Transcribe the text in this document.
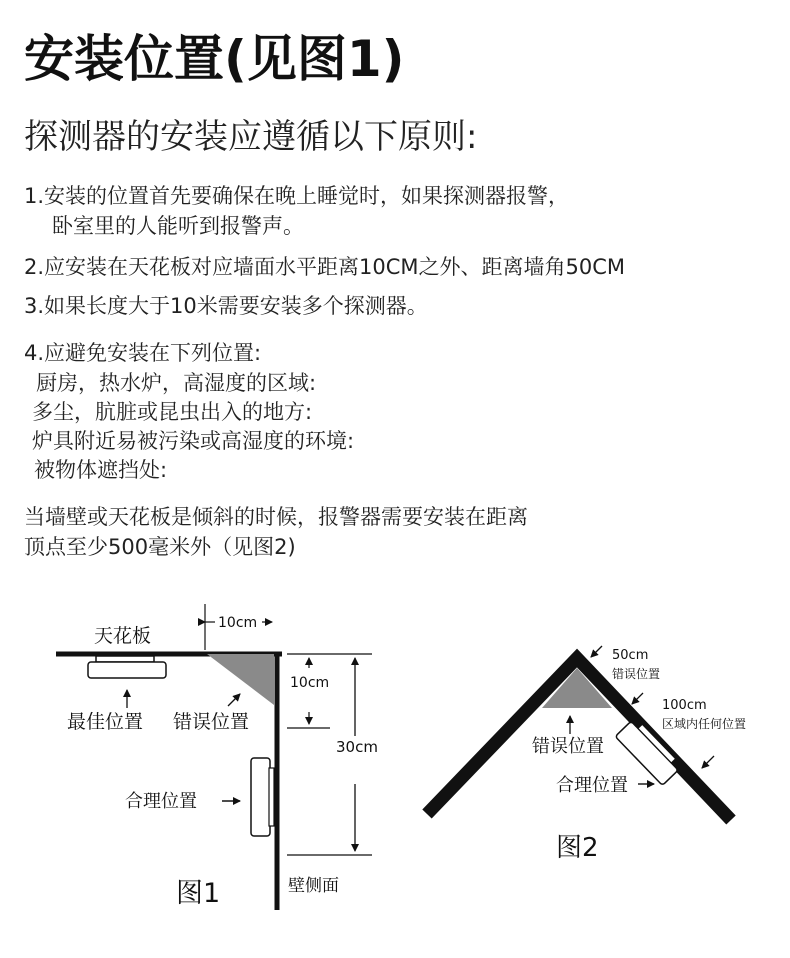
安装位置(见图1)
探测器的安装应遵循以下原则:

1.安装的位置首先要确保在晚上睡觉时，如果探测器报警，

卧室里的人能听到报警声。

2.应安装在天花板对应墙面水平距离10CM之外、距离墙角50CM

3.如果长度大于10米需要安装多个探测器。

4.应避免安装在下列位置:

厨房，热水炉，高湿度的区域:

多尘，肮脏或昆虫出入的地方:

炉具附近易被污染或高湿度的环境:

被物体遮挡处:

当墙壁或天花板是倾斜的时候，报警器需要安装在距离

顶点至少500毫米外（见图2)

天花板
10cm
10cm
30cm
最佳位置 错误位置
合理位置
壁侧面
图1
50cm
错误位置
100cm
区域内任何位置
错误位置
合理位置
图2
